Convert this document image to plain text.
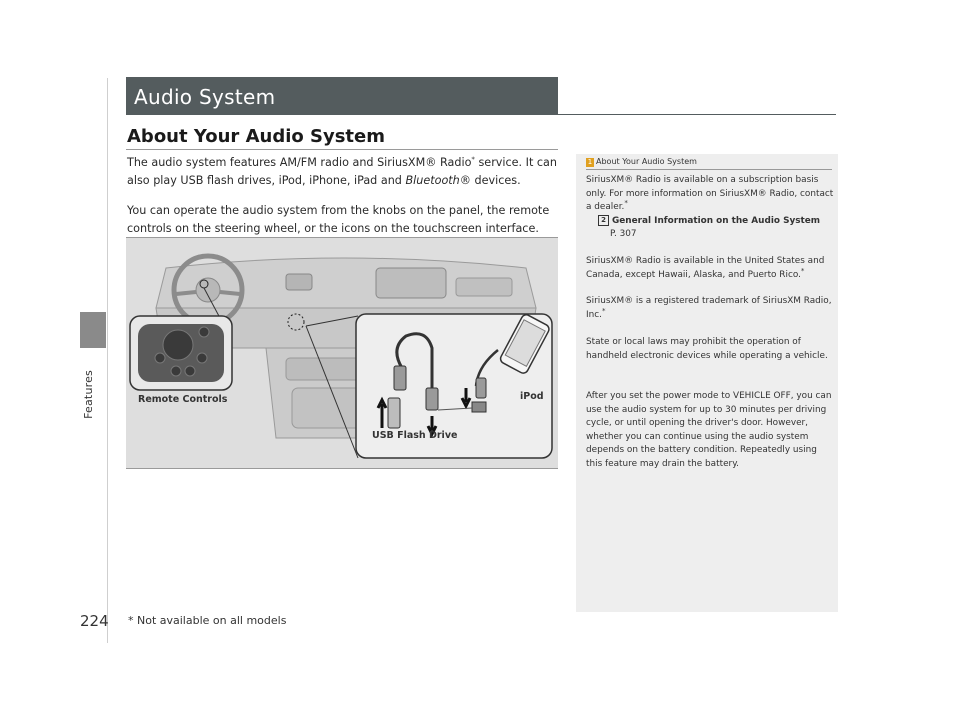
Features
Audio System
About Your Audio System
The audio system features AM/FM radio and SiriusXM® Radio* service. It can also play USB flash drives, iPod, iPhone, iPad and Bluetooth® devices.
You can operate the audio system from the knobs on the panel, the remote controls on the steering wheel, or the icons on the touchscreen interface.
Remote Controls	iPod
USB Flash Drive
1 About Your Audio System
SiriusXM® Radio is available on a subscription basis only. For more information on SiriusXM® Radio, contact a dealer.*
2 General Information on the Audio System
P. 307
SiriusXM® Radio is available in the United States and Canada, except Hawaii, Alaska, and Puerto Rico.*
SiriusXM® is a registered trademark of SiriusXM Radio, Inc.*
State or local laws may prohibit the operation of handheld electronic devices while operating a vehicle.
After you set the power mode to VEHICLE OFF, you can use the audio system for up to 30 minutes per driving cycle, or until opening the driver's door. However, whether you can continue using the audio system depends on the battery condition. Repeatedly using this feature may drain the battery.
224 * Not available on all models
